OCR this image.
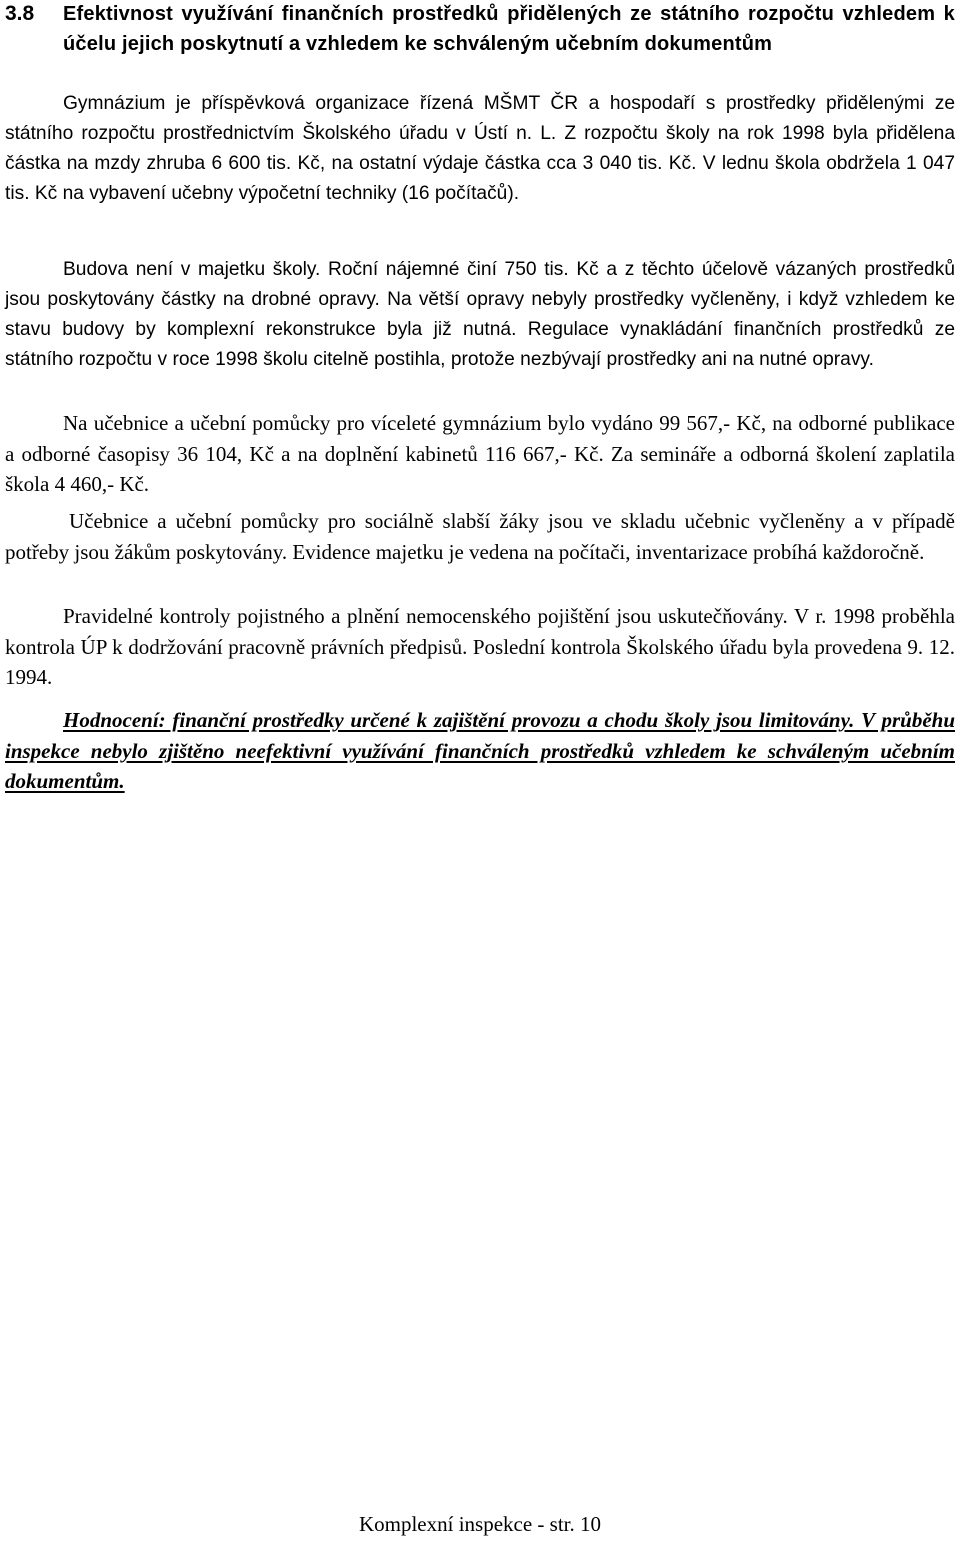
3.8	Efektivnost využívání finančních prostředků přidělených ze státního rozpočtu vzhledem k účelu jejich poskytnutí a vzhledem ke schváleným učebním dokumentům

Gymnázium je příspěvková organizace řízená MŠMT ČR a hospodaří s prostředky přidělenými ze státního rozpočtu prostřednictvím Školského úřadu v Ústí n. L. Z rozpočtu školy na rok 1998 byla přidělena částka na mzdy zhruba 6 600 tis. Kč, na ostatní výdaje částka cca 3 040 tis. Kč. V lednu škola obdržela 1 047 tis. Kč na vybavení učebny výpočetní techniky (16 počítačů).

Budova není v majetku školy. Roční nájemné činí 750 tis. Kč a z těchto účelově vázaných prostředků jsou poskytovány částky na drobné opravy. Na větší opravy nebyly prostředky vyčleněny, i když vzhledem ke stavu budovy by komplexní rekonstrukce byla již nutná. Regulace vynakládání finančních prostředků ze státního rozpočtu v roce 1998 školu citelně postihla, protože nezbývají prostředky ani na nutné opravy.

Na učebnice a učební pomůcky pro víceleté gymnázium bylo vydáno 99 567,- Kč, na odborné publikace a odborné časopisy 36 104, Kč a na doplnění kabinetů 116 667,- Kč. Za semináře a odborná školení zaplatila škola 4 460,- Kč.

Učebnice a učební pomůcky pro sociálně slabší žáky jsou ve skladu učebnic vyčleněny a v případě potřeby jsou žákům poskytovány. Evidence majetku je vedena na počítači, inventarizace probíhá každoročně.

Pravidelné kontroly pojistného a plnění nemocenského pojištění jsou uskutečňovány. V r. 1998 proběhla kontrola ÚP k dodržování pracovně právních předpisů. Poslední kontrola Školského úřadu byla provedena 9. 12. 1994.

Hodnocení: finanční prostředky určené k zajištění provozu a chodu školy jsou limitovány. V průběhu inspekce nebylo zjištěno neefektivní využívání finančních prostředků vzhledem ke schváleným učebním dokumentům.

Komplexní inspekce - str. 10
